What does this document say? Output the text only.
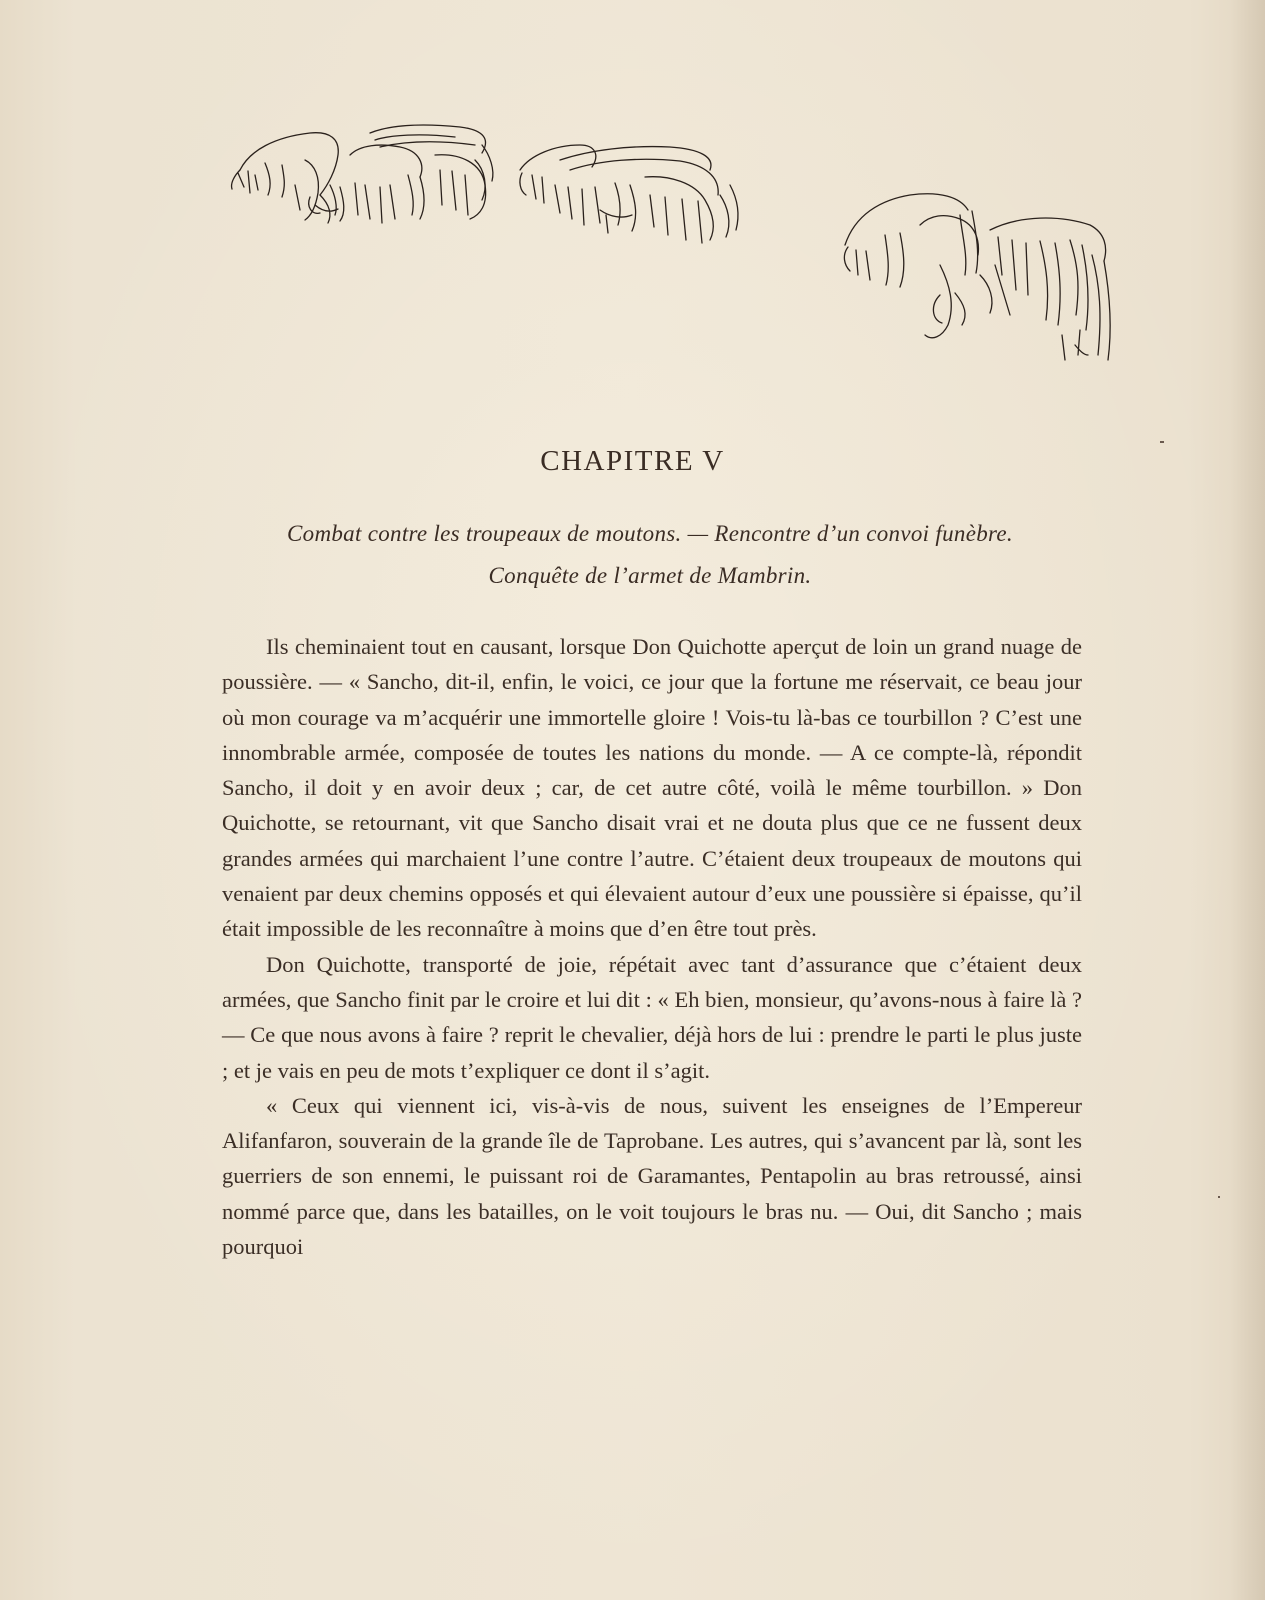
CHAPITRE V
Combat contre les troupeaux de moutons. — Rencontre d’un convoi funèbre.
Conquête de l’armet de Mambrin.

Ils cheminaient tout en causant, lorsque Don Quichotte aperçut de loin un grand nuage de poussière. — « Sancho, dit-il, enfin, le voici, ce jour que la fortune me réservait, ce beau jour où mon courage va m’acquérir une immortelle gloire ! Vois-tu là-bas ce tourbillon ? C’est une innombrable armée, composée de toutes les nations du monde. — A ce compte-là, répondit Sancho, il doit y en avoir deux ; car, de cet autre côté, voilà le même tourbillon. » Don Quichotte, se retournant, vit que Sancho disait vrai et ne douta plus que ce ne fussent deux grandes armées qui marchaient l’une contre l’autre. C’étaient deux troupeaux de moutons qui venaient par deux chemins opposés et qui élevaient autour d’eux une poussière si épaisse, qu’il était impossible de les reconnaître à moins que d’en être tout près.

Don Quichotte, transporté de joie, répétait avec tant d’assurance que c’étaient deux armées, que Sancho finit par le croire et lui dit : « Eh bien, monsieur, qu’avons-nous à faire là ? — Ce que nous avons à faire ? reprit le chevalier, déjà hors de lui : prendre le parti le plus juste ; et je vais en peu de mots t’expliquer ce dont il s’agit.

« Ceux qui viennent ici, vis-à-vis de nous, suivent les enseignes de l’Empereur Alifanfaron, souverain de la grande île de Taprobane. Les autres, qui s’avancent par là, sont les guerriers de son ennemi, le puissant roi de Garamantes, Pentapolin au bras retroussé, ainsi nommé parce que, dans les batailles, on le voit toujours le bras nu. — Oui, dit Sancho ; mais pourquoi
